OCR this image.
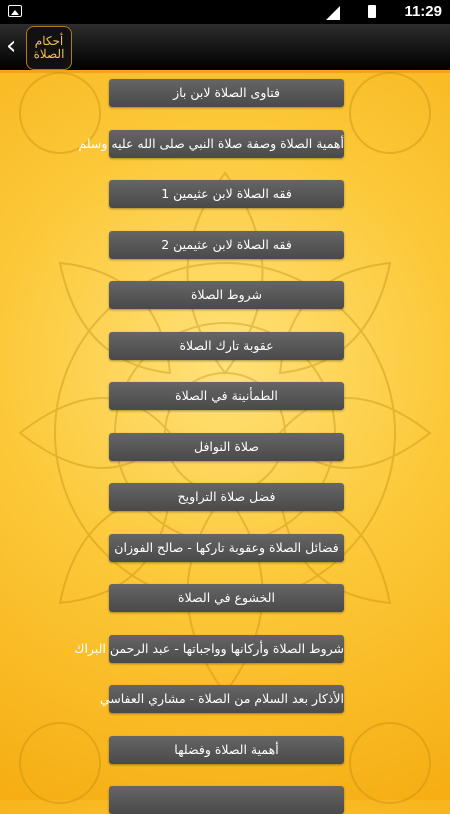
11:29
‹	أحكام الصلاة
فتاوى الصلاة لابن باز
أهمية الصلاة وصفة صلاة النبي صلى الله عليه وسلم
فقه الصلاة لابن عثيمين 1
فقه الصلاة لابن عثيمين 2
شروط الصلاة
عقوبة تارك الصلاة
الطمأنينة في الصلاة
صلاة النوافل
فضل صلاة التراويح
فضائل الصلاة وعقوبة تاركها - صالح الفوزان
الخشوع في الصلاة
شروط الصلاة وأركانها وواجباتها - عبد الرحمن البراك
الأذكار بعد السلام من الصلاة - مشاري العفاسي
أهمية الصلاة وفضلها
